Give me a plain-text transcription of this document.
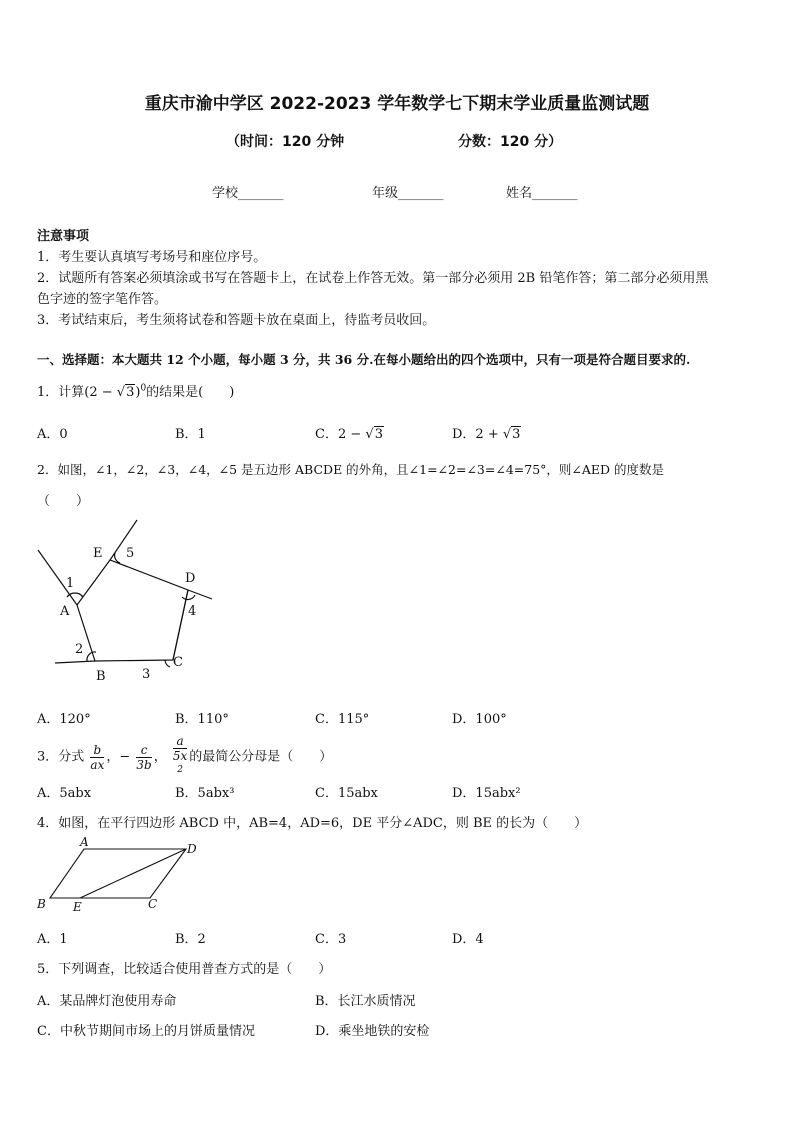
重庆市渝中学区 2022-2023 学年数学七下期末学业质量监测试题
（时间：120 分钟	分数：120 分）
学校_______	年级_______	姓名_______
注意事项
1．考生要认真填写考场号和座位序号。
2．试题所有答案必须填涂或书写在答题卡上，在试卷上作答无效。第一部分必须用 2B 铅笔作答；第二部分必须用黑
色字迹的签字笔作答。
3．考试结束后，考生须将试卷和答题卡放在桌面上，待监考员收回。
一、选择题：本大题共 12 个小题，每小题 3 分，共 36 分.在每小题给出的四个选项中，只有一项是符合题目要求的.
1．计算$(2 - √3)^0$的结果是(　　)
A．0	B．1	C．2 − √3	D．2 + √3
2．如图，∠1，∠2，∠3，∠4，∠5 是五边形 ABCDE 的外角，且∠1=∠2=∠3=∠4=75°，则∠AED 的度数是
（　　）
A
B
C
D
E
1
2
3
4
5
A．120°	B．110°	C．115°	D．100°
3．分式 $\frac{b}{ax}$ ，− $\frac{c}{3b}$ ， a
5x
$^2$ 的最简公分母是（　　）
A．5abx	B．5abx³	C．15abx	D．15abx²
4．如图，在平行四边形 ABCD 中，AB=4，AD=6，DE 平分∠ADC，则 BE 的长为（　　）
A
B	C
D
E
A．1	B．2	C．3	D．4
5．下列调查，比较适合使用普查方式的是（　　）
A．某品牌灯泡使用寿命	B．长江水质情况
C．中秋节期间市场上的月饼质量情况	D．乘坐地铁的安检
